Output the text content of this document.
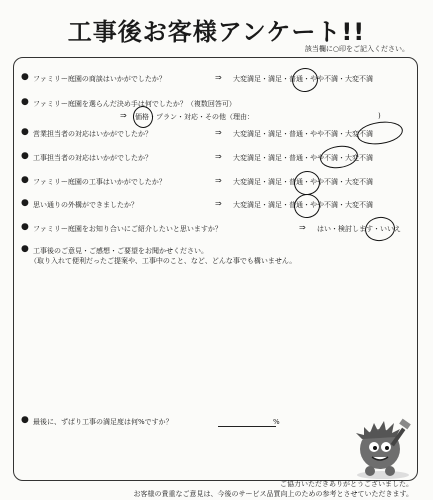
工事後お客様アンケート!!
該当欄に○印をご記入ください。
● ファミリー庭園の商談はいかがでしたか？	⇒ 大変満足・満足・普通・やや不満・大変不満
● ファミリー庭園を選らんだ決め手は何でしたか？（複数回答可）
⇒ 価格・プラン・対応・その他（理由：	)
● 営業担当者の対応はいかがでしたか？	⇒ 大変満足・満足・普通・やや不満・大変不満
● 工事担当者の対応はいかがでしたか？	⇒ 大変満足・満足・普通・やや不満・大変不満
● ファミリー庭園の工事はいかがでしたか？	⇒ 大変満足・満足・普通・やや不満・大変不満
● 思い通りの外構ができましたか？	⇒ 大変満足・満足・普通・やや不満・大変不満
● ファミリー庭園をお知り合いにご紹介したいと思いますか？	⇒ はい・検討します・いいえ
● 工事後のご意見・ご感想・ご要望をお聞かせください。
（取り入れて便利だったご提案や、工事中のこと、など、どんな事でも構いません。
● 最後に、ずばり工事の満足度は何%ですか？	%
ご協力いただきありがとうございました。
お客様の貴重なご意見は、今後のサービス品質向上のための参考とさせていただきます。
